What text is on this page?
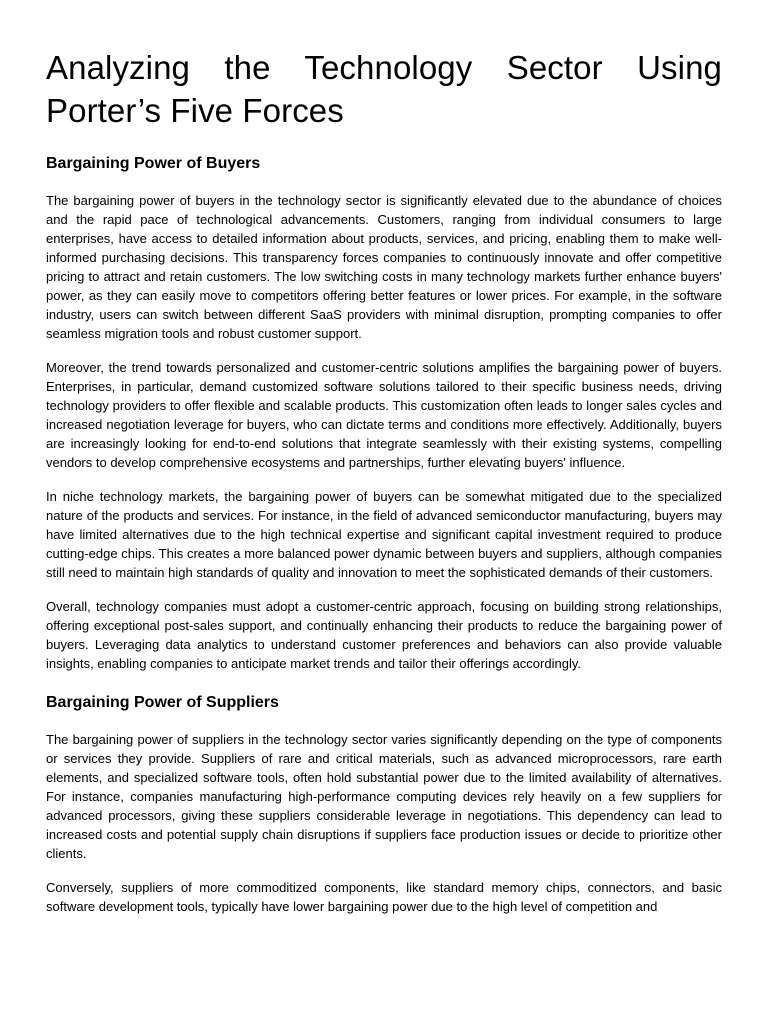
Analyzing the Technology Sector Using Porter’s Five Forces
Bargaining Power of Buyers

The bargaining power of buyers in the technology sector is significantly elevated due to the abundance of choices and the rapid pace of technological advancements. Customers, ranging from individual consumers to large enterprises, have access to detailed information about products, services, and pricing, enabling them to make well-informed purchasing decisions. This transparency forces companies to continuously innovate and offer competitive pricing to attract and retain customers. The low switching costs in many technology markets further enhance buyers' power, as they can easily move to competitors offering better features or lower prices. For example, in the software industry, users can switch between different SaaS providers with minimal disruption, prompting companies to offer seamless migration tools and robust customer support.

Moreover, the trend towards personalized and customer-centric solutions amplifies the bargaining power of buyers. Enterprises, in particular, demand customized software solutions tailored to their specific business needs, driving technology providers to offer flexible and scalable products. This customization often leads to longer sales cycles and increased negotiation leverage for buyers, who can dictate terms and conditions more effectively. Additionally, buyers are increasingly looking for end-to-end solutions that integrate seamlessly with their existing systems, compelling vendors to develop comprehensive ecosystems and partnerships, further elevating buyers' influence.

In niche technology markets, the bargaining power of buyers can be somewhat mitigated due to the specialized nature of the products and services. For instance, in the field of advanced semiconductor manufacturing, buyers may have limited alternatives due to the high technical expertise and significant capital investment required to produce cutting-edge chips. This creates a more balanced power dynamic between buyers and suppliers, although companies still need to maintain high standards of quality and innovation to meet the sophisticated demands of their customers.

Overall, technology companies must adopt a customer-centric approach, focusing on building strong relationships, offering exceptional post-sales support, and continually enhancing their products to reduce the bargaining power of buyers. Leveraging data analytics to understand customer preferences and behaviors can also provide valuable insights, enabling companies to anticipate market trends and tailor their offerings accordingly.

Bargaining Power of Suppliers

The bargaining power of suppliers in the technology sector varies significantly depending on the type of components or services they provide. Suppliers of rare and critical materials, such as advanced microprocessors, rare earth elements, and specialized software tools, often hold substantial power due to the limited availability of alternatives. For instance, companies manufacturing high-performance computing devices rely heavily on a few suppliers for advanced processors, giving these suppliers considerable leverage in negotiations. This dependency can lead to increased costs and potential supply chain disruptions if suppliers face production issues or decide to prioritize other clients.

Conversely, suppliers of more commoditized components, like standard memory chips, connectors, and basic software development tools, typically have lower bargaining power due to the high level of competition and
